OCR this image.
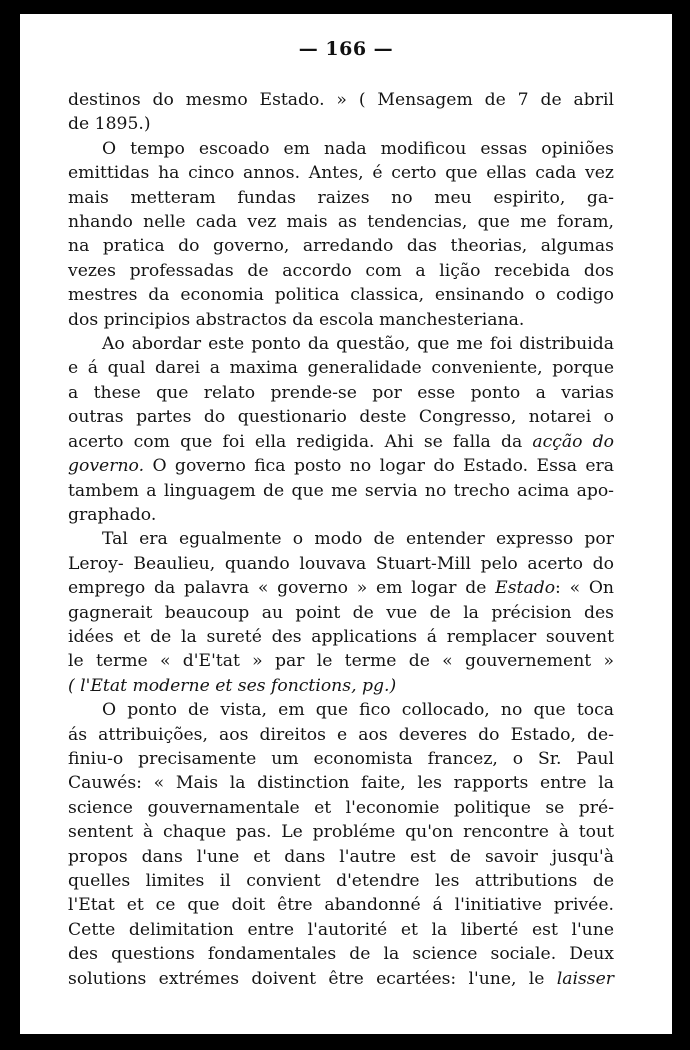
— 166 —
destinos do mesmo Estado. » ( Mensagem de 7 de abril
de 1895.)
O tempo escoado em nada modificou essas opiniões
emittidas ha cinco annos. Antes, é certo que ellas cada vez
mais metteram fundas raizes no meu espirito, ga-
nhando nelle cada vez mais as tendencias, que me foram,
na pratica do governo, arredando das theorias, algumas
vezes professadas de accordo com a lição recebida dos
mestres da economia politica classica, ensinando o codigo
dos principios abstractos da escola manchesteriana.
Ao abordar este ponto da questão, que me foi distribuida
e á qual darei a maxima generalidade conveniente, porque
a these que relato prende-se por esse ponto a varias
outras partes do questionario deste Congresso, notarei o
acerto com que foi ella redigida. Ahi se falla da acção do
governo. O governo fica posto no logar do Estado. Essa era
tambem a linguagem de que me servia no trecho acima apo-
graphado.
Tal era egualmente o modo de entender expresso por
Leroy- Beaulieu, quando louvava Stuart-Mill pelo acerto do
emprego da palavra « governo » em logar de Estado: « On
gagnerait beaucoup au point de vue de la précision des
idées et de la sureté des applications á remplacer souvent
le terme « d'E'tat » par le terme de « gouvernement »
( l'Etat moderne et ses fonctions, pg.)
O ponto de vista, em que fico collocado, no que toca
ás attribuições, aos direitos e aos deveres do Estado, de-
finiu-o precisamente um economista francez, o Sr. Paul
Cauwés: « Mais la distinction faite, les rapports entre la
science gouvernamentale et l'economie politique se pré-
sentent à chaque pas. Le probléme qu'on rencontre à tout
propos dans l'une et dans l'autre est de savoir jusqu'à
quelles limites il convient d'etendre les attributions de
l'Etat et ce que doit être abandonné á l'initiative privée.
Cette delimitation entre l'autorité et la liberté est l'une
des questions fondamentales de la science sociale. Deux
solutions extrémes doivent être ecartées: l'une, le laisser
